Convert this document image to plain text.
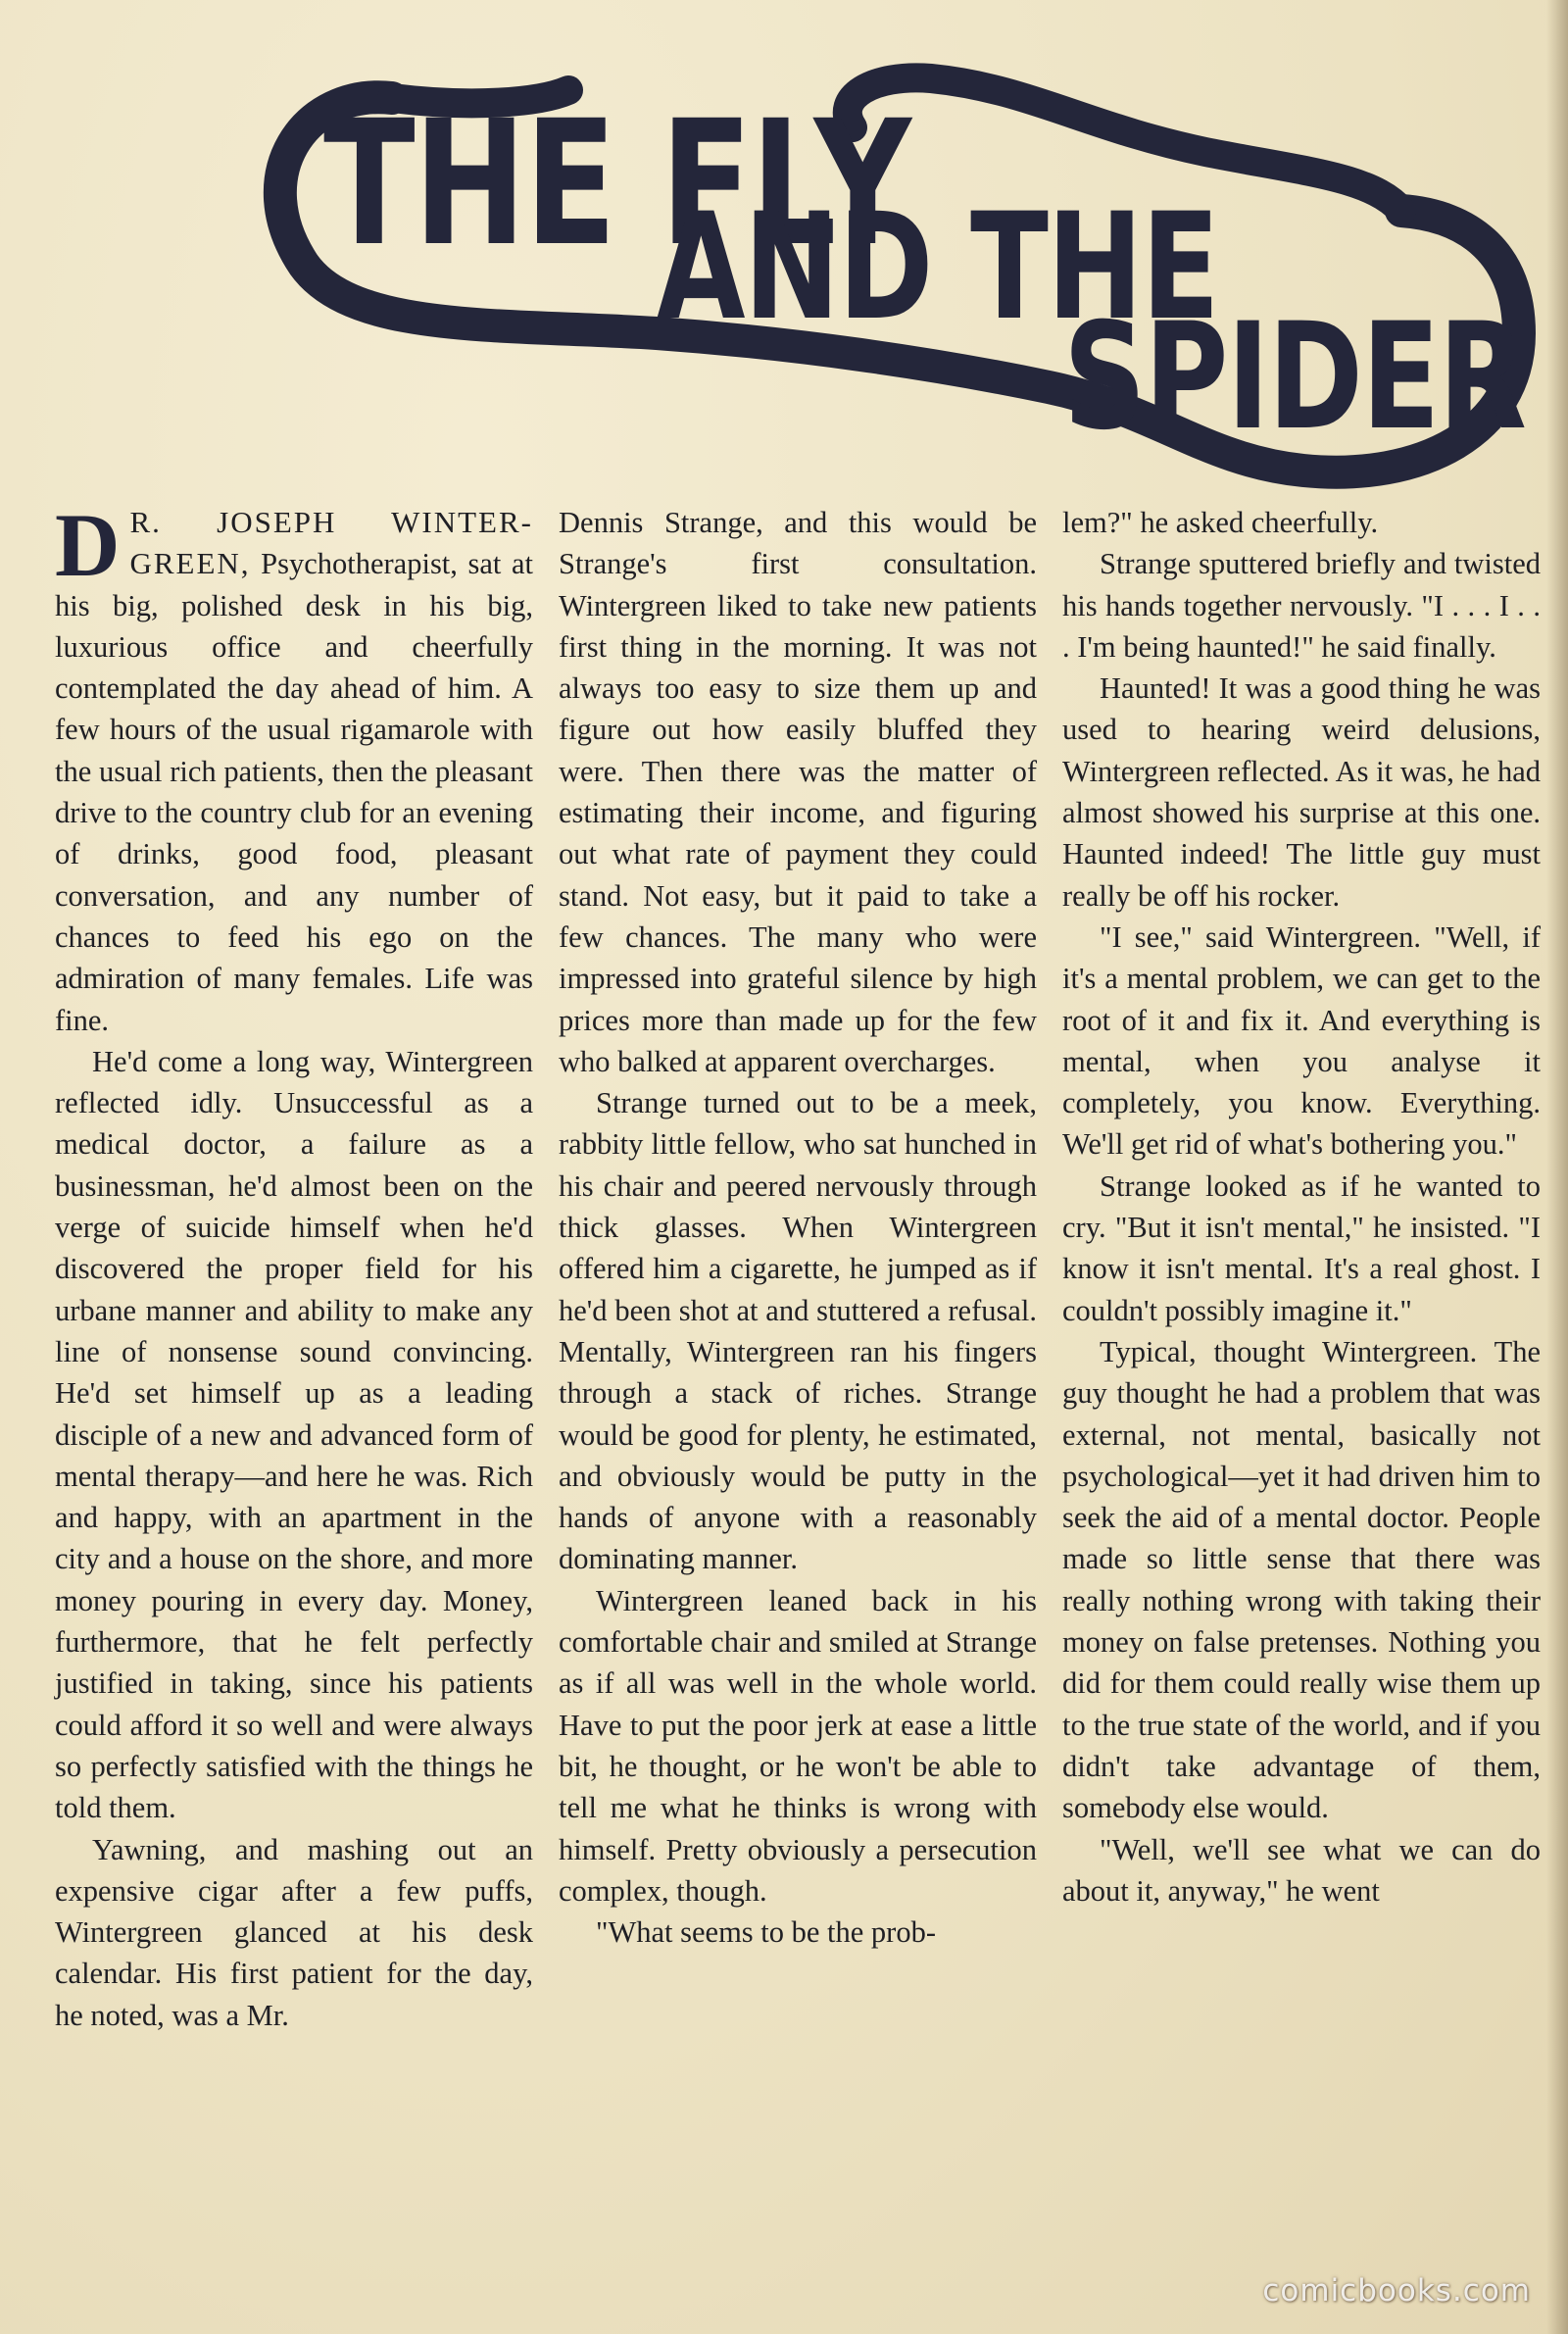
THE FLY
AND THE
SPIDER

D R. JOSEPH WINTER-GREEN, Psychotherapist, sat at his big, polished desk in his big, luxurious office and cheerfully contemplated the day ahead of him. A few hours of the usual rigamarole with the usual rich patients, then the pleasant drive to the country club for an evening of drinks, good food, pleasant conversation, and any number of chances to feed his ego on the admiration of many females. Life was fine.

He'd come a long way, Wintergreen reflected idly. Unsuccessful as a medical doctor, a failure as a businessman, he'd almost been on the verge of suicide himself when he'd discovered the proper field for his urbane manner and ability to make any line of nonsense sound convincing. He'd set himself up as a leading disciple of a new and advanced form of mental therapy—and here he was. Rich and happy, with an apartment in the city and a house on the shore, and more money pouring in every day. Money, furthermore, that he felt perfectly justified in taking, since his patients could afford it so well and were always so perfectly satisfied with the things he told them.

Yawning, and mashing out an expensive cigar after a few puffs, Wintergreen glanced at his desk calendar. His first patient for the day, he noted, was a Mr.

Dennis Strange, and this would be Strange's first consultation. Wintergreen liked to take new patients first thing in the morning. It was not always too easy to size them up and figure out how easily bluffed they were. Then there was the matter of estimating their income, and figuring out what rate of payment they could stand. Not easy, but it paid to take a few chances. The many who were impressed into grateful silence by high prices more than made up for the few who balked at apparent overcharges.

Strange turned out to be a meek, rabbity little fellow, who sat hunched in his chair and peered nervously through thick glasses. When Wintergreen offered him a cigarette, he jumped as if he'd been shot at and stuttered a refusal. Mentally, Wintergreen ran his fingers through a stack of riches. Strange would be good for plenty, he estimated, and obviously would be putty in the hands of anyone with a reasonably dominating manner.

Wintergreen leaned back in his comfortable chair and smiled at Strange as if all was well in the whole world. Have to put the poor jerk at ease a little bit, he thought, or he won't be able to tell me what he thinks is wrong with himself. Pretty obviously a persecution complex, though.

"What seems to be the prob-

lem?" he asked cheerfully.

Strange sputtered briefly and twisted his hands together nervously. "I . . . I . . . I'm being haunted!" he said finally.

Haunted! It was a good thing he was used to hearing weird delusions, Wintergreen reflected. As it was, he had almost showed his surprise at this one. Haunted indeed! The little guy must really be off his rocker.

"I see," said Wintergreen. "Well, if it's a mental problem, we can get to the root of it and fix it. And everything is mental, when you analyse it completely, you know. Everything. We'll get rid of what's bothering you."

Strange looked as if he wanted to cry. "But it isn't mental," he insisted. "I know it isn't mental. It's a real ghost. I couldn't possibly imagine it."

Typical, thought Wintergreen. The guy thought he had a problem that was external, not mental, basically not psychological—yet it had driven him to seek the aid of a mental doctor. People made so little sense that there was really nothing wrong with taking their money on false pretenses. Nothing you did for them could really wise them up to the true state of the world, and if you didn't take advantage of them, somebody else would.

"Well, we'll see what we can do about it, anyway," he went

comicbooks.com
